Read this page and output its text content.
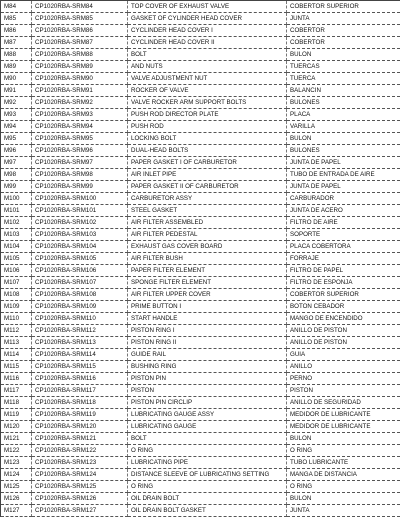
M84	CP1020RBA-SRM84	TOP COVER OF EXHAUST VALVE	COBERTOR SUPERIOR
M85	CP1020RBA-SRM85	GASKET OF CYLINDER HEAD COVER	JUNTA
M86	CP1020RBA-SRM86	CYCLINDER HEAD COVER I	COBERTOR
M87	CP1020RBA-SRM87	CYCLINDER HEAD COVER II	COBERTOR
M88	CP1020RBA-SRM88	BOLT	BULON
M89	CP1020RBA-SRM89	AND NUTS	TUERCAS
M90	CP1020RBA-SRM90	VALVE ADJUSTMENT NUT	TUERCA
M91	CP1020RBA-SRM91	ROCKER OF VALVE	BALANCIN
M92	CP1020RBA-SRM92	VALVE ROCKER ARM SUPPORT BOLTS	BULONES
M93	CP1020RBA-SRM93	PUSH ROD DIRECTOR PLATE	PLACA
M94	CP1020RBA-SRM94	PUSH ROD	VARILLA
M95	CP1020RBA-SRM95	LOCKING BOLT	BULON
M96	CP1020RBA-SRM96	DUAL-HEAD BOLTS	BULONES
M97	CP1020RBA-SRM97	PAPER GASKET I OF CARBURETOR	JUNTA DE PAPEL
M98	CP1020RBA-SRM98	AIR INLET PIPE	TUBO DE ENTRADA DE AIRE
M99	CP1020RBA-SRM99	PAPER GASKET II OF CARBURETOR	JUNTA DE PAPEL
M100	CP1020RBA-SRM100	CARBURETOR ASSY	CARBURADOR
M101	CP1020RBA-SRM101	STEEL GASKET	JUNTA DE ACERO
M102	CP1020RBA-SRM102	AIR FILTER ASSEMBLED	FILTRO DE AIRE
M103	CP1020RBA-SRM103	AIR FILTER PEDESTAL	SOPORTE
M104	CP1020RBA-SRM104	EXHAUST GAS COVER BOARD	PLACA COBERTORA
M105	CP1020RBA-SRM105	AIR FILTER BUSH	FORRAJE
M106	CP1020RBA-SRM106	PAPER FILTER ELEMENT	FILTRO DE PAPEL
M107	CP1020RBA-SRM107	SPONGE FILTER ELEMENT	FILTRO DE ESPONJA
M108	CP1020RBA-SRM108	AIR FILTER UPPER COVER	COBERTOR SUPERIOR
M109	CP1020RBA-SRM109	PRIME BUTTON I	BOTON CEBADOR
M110	CP1020RBA-SRM110	START HANDLE	MANGO DE ENCENDIDO
M112	CP1020RBA-SRM112	PISTON RING I	ANILLO DE PISTON
M113	CP1020RBA-SRM113	PISTON RING II	ANILLO DE PISTON
M114	CP1020RBA-SRM114	GUIDE RAIL	GUIA
M115	CP1020RBA-SRM115	BUSHING RING	ANILLO
M116	CP1020RBA-SRM116	PISTON PIN	PERNO
M117	CP1020RBA-SRM117	PISTON	PISTON
M118	CP1020RBA-SRM118	PISTON PIN CIRCLIP	ANILLO DE SEGURIDAD
M119	CP1020RBA-SRM119	LUBRICATING GAUGE ASSY	MEDIDOR DE LUBRICANTE
M120	CP1020RBA-SRM120	LUBRICATING GAUGE	MEDIDOR DE LUBRICANTE
M121	CP1020RBA-SRM121	BOLT	BULON
M122	CP1020RBA-SRM122	O RING	O RING
M123	CP1020RBA-SRM123	LUBRICATING PIPE	TUBO LUBRICANTE
M124	CP1020RBA-SRM124	DISTANCE SLEEVE OF LUBRICATING SETTING	MANGA DE DISTANCIA
M125	CP1020RBA-SRM125	O RING	O RING
M126	CP1020RBA-SRM126	OIL DRAIN BOLT	BULON
M127	CP1020RBA-SRM127	OIL DRAIN BOLT GASKET	JUNTA
